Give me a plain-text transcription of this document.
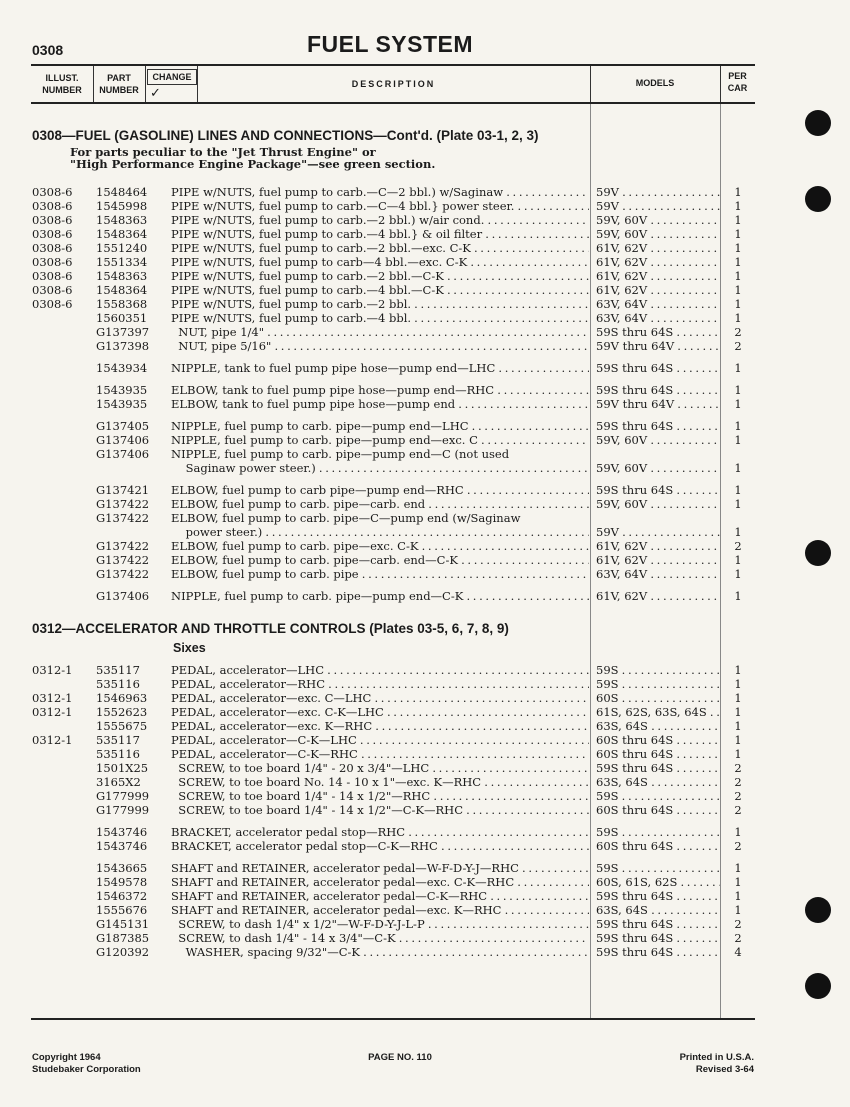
0308	FUEL SYSTEM
ILLUST.
NUMBER
PART
NUMBER
CHANGE
✓
DESCRIPTION	MODELS
PER
CAR
0308—FUEL (GASOLINE) LINES AND CONNECTIONS—Cont'd. (Plate 03-1, 2, 3)
For parts peculiar to the "Jet Thrust Engine" or
"High Performance Engine Package"—see green section.
0308-6 1548464 PIPE w/NUTS, fuel pump to carb.—C—2 bbl.) w/Saginaw . . .	59V . . .	1
0308-6 1545998 PIPE w/NUTS, fuel pump to carb.—C—4 bbl.} power steer. . . .	59V . . .	1
0308-6 1548363 PIPE w/NUTS, fuel pump to carb.—2 bbl.) w/air cond. . . .	59V, 60V . . .	1
0308-6 1548364 PIPE w/NUTS, fuel pump to carb.—4 bbl.} & oil filter . . .	59V, 60V . . .	1
0308-6 1551240 PIPE w/NUTS, fuel pump to carb.—2 bbl.—exc. C-K . . .	61V, 62V . . .	1
0308-6 1551334 PIPE w/NUTS, fuel pump to carb—4 bbl.—exc. C-K . . .	61V, 62V . . .	1
0308-6 1548363 PIPE w/NUTS, fuel pump to carb.—2 bbl.—C-K . . .	61V, 62V . . .	1
0308-6 1548364 PIPE w/NUTS, fuel pump to carb.—4 bbl.—C-K . . .	61V, 62V . . .	1
0308-6 1558368 PIPE w/NUTS, fuel pump to carb.—2 bbl. . . .	63V, 64V . . .	1
1560351 PIPE w/NUTS, fuel pump to carb.—4 bbl. . . .	63V, 64V . . .	1
G137397 NUT, pipe 1/4" . . .	59S thru 64S . . .	2
G137398 NUT, pipe 5/16" . . .	59V thru 64V . . .	2
1543934 NIPPLE, tank to fuel pump pipe hose—pump end—LHC . . .	59S thru 64S . . .	1
1543935 ELBOW, tank to fuel pump pipe hose—pump end—RHC . . .	59S thru 64S . . .	1
1543935 ELBOW, tank to fuel pump pipe hose—pump end . . .	59V thru 64V . . .	1
G137405 NIPPLE, fuel pump to carb. pipe—pump end—LHC . . .	59S thru 64S . . .	1
G137406 NIPPLE, fuel pump to carb. pipe—pump end—exc. C . . .	59V, 60V . . .	1
G137406 NIPPLE, fuel pump to carb. pipe—pump end—C (not used
Saginaw power steer.) . . .	59V, 60V . . .	1
G137421 ELBOW, fuel pump to carb pipe—pump end—RHC . . .	59S thru 64S . . .	1
G137422 ELBOW, fuel pump to carb. pipe—carb. end . . .	59V, 60V . . .	1
G137422 ELBOW, fuel pump to carb. pipe—C—pump end (w/Saginaw
power steer.) . . .	59V . . .	1
G137422 ELBOW, fuel pump to carb. pipe—exc. C-K . . .	61V, 62V . . .	2
G137422 ELBOW, fuel pump to carb. pipe—carb. end—C-K . . .	61V, 62V . . .	1
G137422 ELBOW, fuel pump to carb. pipe . . .	63V, 64V . . .	1
G137406 NIPPLE, fuel pump to carb. pipe—pump end—C-K . . .	61V, 62V . . .	1
0312—ACCELERATOR AND THROTTLE CONTROLS (Plates 03-5, 6, 7, 8, 9)
Sixes
0312-1 535117	PEDAL, accelerator—LHC . . .	59S . . .	1
535116	PEDAL, accelerator—RHC . . .	59S . . .	1
0312-1 1546963 PEDAL, accelerator—exc. C—LHC . . .	60S . . .	1
0312-1 1552623 PEDAL, accelerator—exc. C-K—LHC . . .	61S, 62S, 63S, 64S . . .	1
1555675 PEDAL, accelerator—exc. K—RHC . . .	63S, 64S . . .	1
0312-1 535117	PEDAL, accelerator—C-K—LHC . . .	60S thru 64S . . .	1
535116	PEDAL, accelerator—C-K—RHC . . .	60S thru 64S . . .	1
1501X25 SCREW, to toe board 1/4" - 20 x 3/4"—LHC . . .	59S thru 64S . . .	2
3165X2	SCREW, to toe board No. 14 - 10 x 1"—exc. K—RHC . . .	63S, 64S . . .	2
G177999 SCREW, to toe board 1/4" - 14 x 1/2"—RHC . . .	59S . . .	2
G177999 SCREW, to toe board 1/4" - 14 x 1/2"—C-K—RHC . . .	60S thru 64S . . .	2
1543746 BRACKET, accelerator pedal stop—RHC . . .	59S . . .	1
1543746 BRACKET, accelerator pedal stop—C-K—RHC . . .	60S thru 64S . . .	2
1543665 SHAFT and RETAINER, accelerator pedal—W-F-D-Y-J—RHC . . .	59S . . .	1
1549578 SHAFT and RETAINER, accelerator pedal—exc. C-K—RHC . . .	60S, 61S, 62S . . .	1
1546372 SHAFT and RETAINER, accelerator pedal—C-K—RHC . . .	59S thru 64S . . .	1
1555676 SHAFT and RETAINER, accelerator pedal—exc. K—RHC . . .	63S, 64S . . .	1
G145131 SCREW, to dash 1/4" x 1/2"—W-F-D-Y-J-L-P . . .	59S thru 64S . . .	2
G187385 SCREW, to dash 1/4" - 14 x 3/4"—C-K . . .	59S thru 64S . . .	2
G120392 WASHER, spacing 9/32"—C-K . . .	59S thru 64S . . .	4
Copyright 1964
Studebaker Corporation
PAGE NO. 110	Printed in U.S.A.
Revised 3-64
